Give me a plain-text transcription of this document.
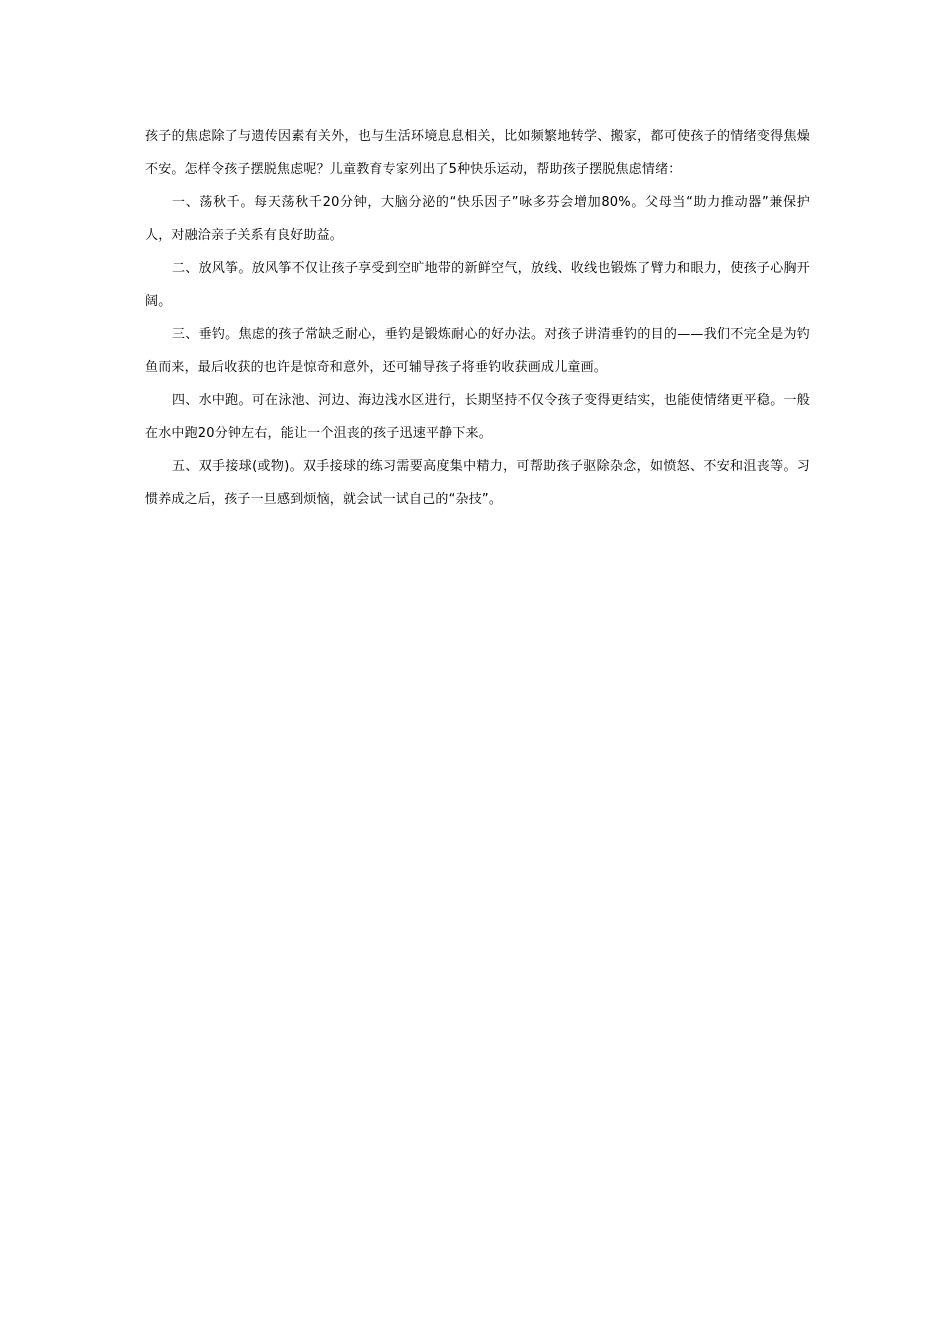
孩子的焦虑除了与遗传因素有关外，也与生活环境息息相关，比如频繁地转学、搬家，都可使孩子的情绪变得焦燥不安。怎样令孩子摆脱焦虑呢？儿童教育专家列出了5种快乐运动，帮助孩子摆脱焦虑情绪：

一、荡秋千。每天荡秋千20分钟，大脑分泌的“快乐因子”咏多芬会增加80%。父母当“助力推动器”兼保护人，对融洽亲子关系有良好助益。

二、放风筝。放风筝不仅让孩子享受到空旷地带的新鲜空气，放线、收线也锻炼了臂力和眼力，使孩子心胸开阔。

三、垂钓。焦虑的孩子常缺乏耐心，垂钓是锻炼耐心的好办法。对孩子讲清垂钓的目的——我们不完全是为钓鱼而来，最后收获的也许是惊奇和意外，还可辅导孩子将垂钓收获画成儿童画。

四、水中跑。可在泳池、河边、海边浅水区进行，长期坚持不仅令孩子变得更结实，也能使情绪更平稳。一般在水中跑20分钟左右，能让一个沮丧的孩子迅速平静下来。

五、双手接球(或物)。双手接球的练习需要高度集中精力，可帮助孩子驱除杂念，如愤怒、不安和沮丧等。习惯养成之后，孩子一旦感到烦恼，就会试一试自己的“杂技”。
